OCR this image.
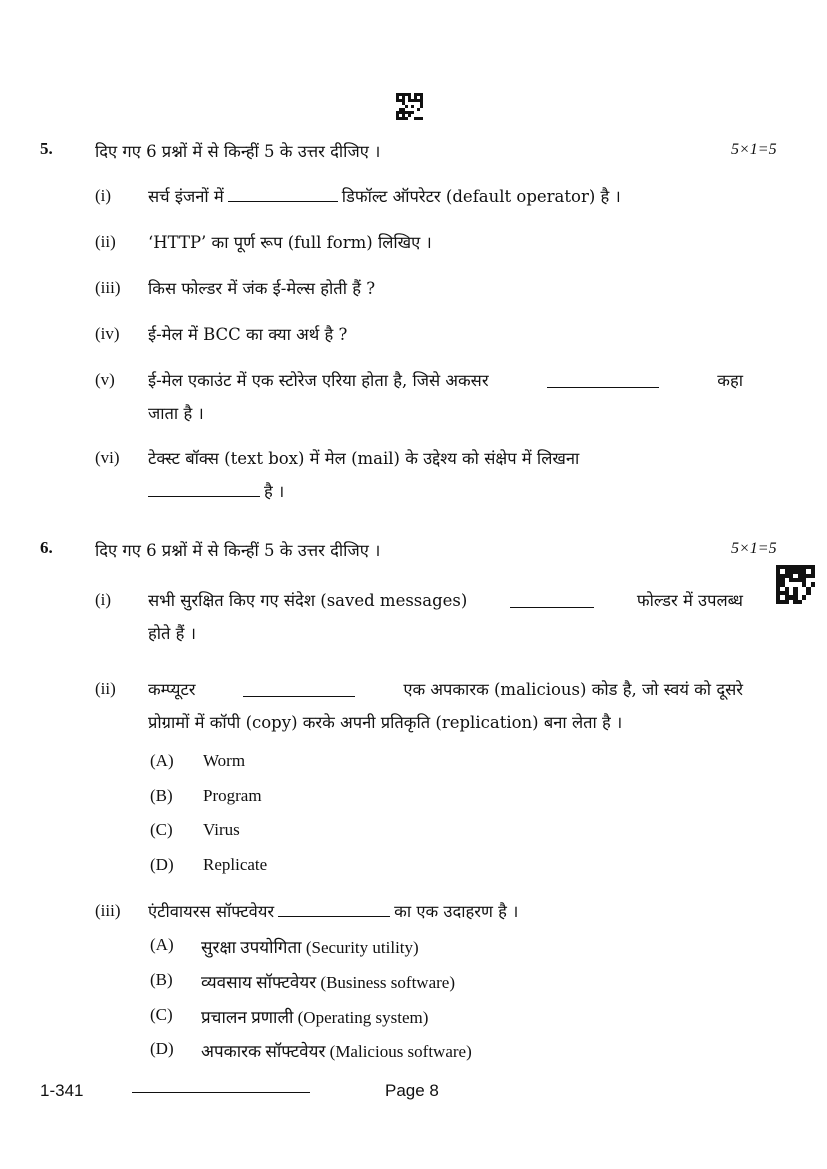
5.	दिए गए 6 प्रश्नों में से किन्हीं 5 के उत्तर दीजिए ।	5×1=5
(i) सर्च इंजनों में	डिफॉल्ट ऑपरेटर (default operator) है ।
(ii) ‘HTTP’ का पूर्ण रूप (full form) लिखिए ।
(iii) किस फोल्डर में जंक ई-मेल्स होती हैं ?
(iv) ई-मेल में BCC का क्या अर्थ है ?
(v) ई-मेल एकाउंट में एक स्टोरेज एरिया होता है, जिसे अकसर	कहा
जाता है ।
(vi) टेक्स्ट बॉक्स (text box) में मेल (mail) के उद्देश्य को संक्षेप में लिखना
है ।
6.	दिए गए 6 प्रश्नों में से किन्हीं 5 के उत्तर दीजिए ।	5×1=5
(i) सभी सुरक्षित किए गए संदेश (saved messages)	फोल्डर में उपलब्ध
होते हैं ।
(ii) कम्प्यूटर	एक अपकारक (malicious) कोड है, जो स्वयं को दूसरे
प्रोग्रामों में कॉपी (copy) करके अपनी प्रतिकृति (replication) बना लेता है ।
(A) Worm
(B) Program
(C) Virus
(D) Replicate
(iii) एंटीवायरस सॉफ्टवेयर	का एक उदाहरण है ।
(A) सुरक्षा उपयोगिता (Security utility)
(B) व्यवसाय सॉफ्टवेयर (Business software)
(C) प्रचालन प्रणाली (Operating system)
(D) अपकारक सॉफ्टवेयर (Malicious software)
1-341	Page 8
